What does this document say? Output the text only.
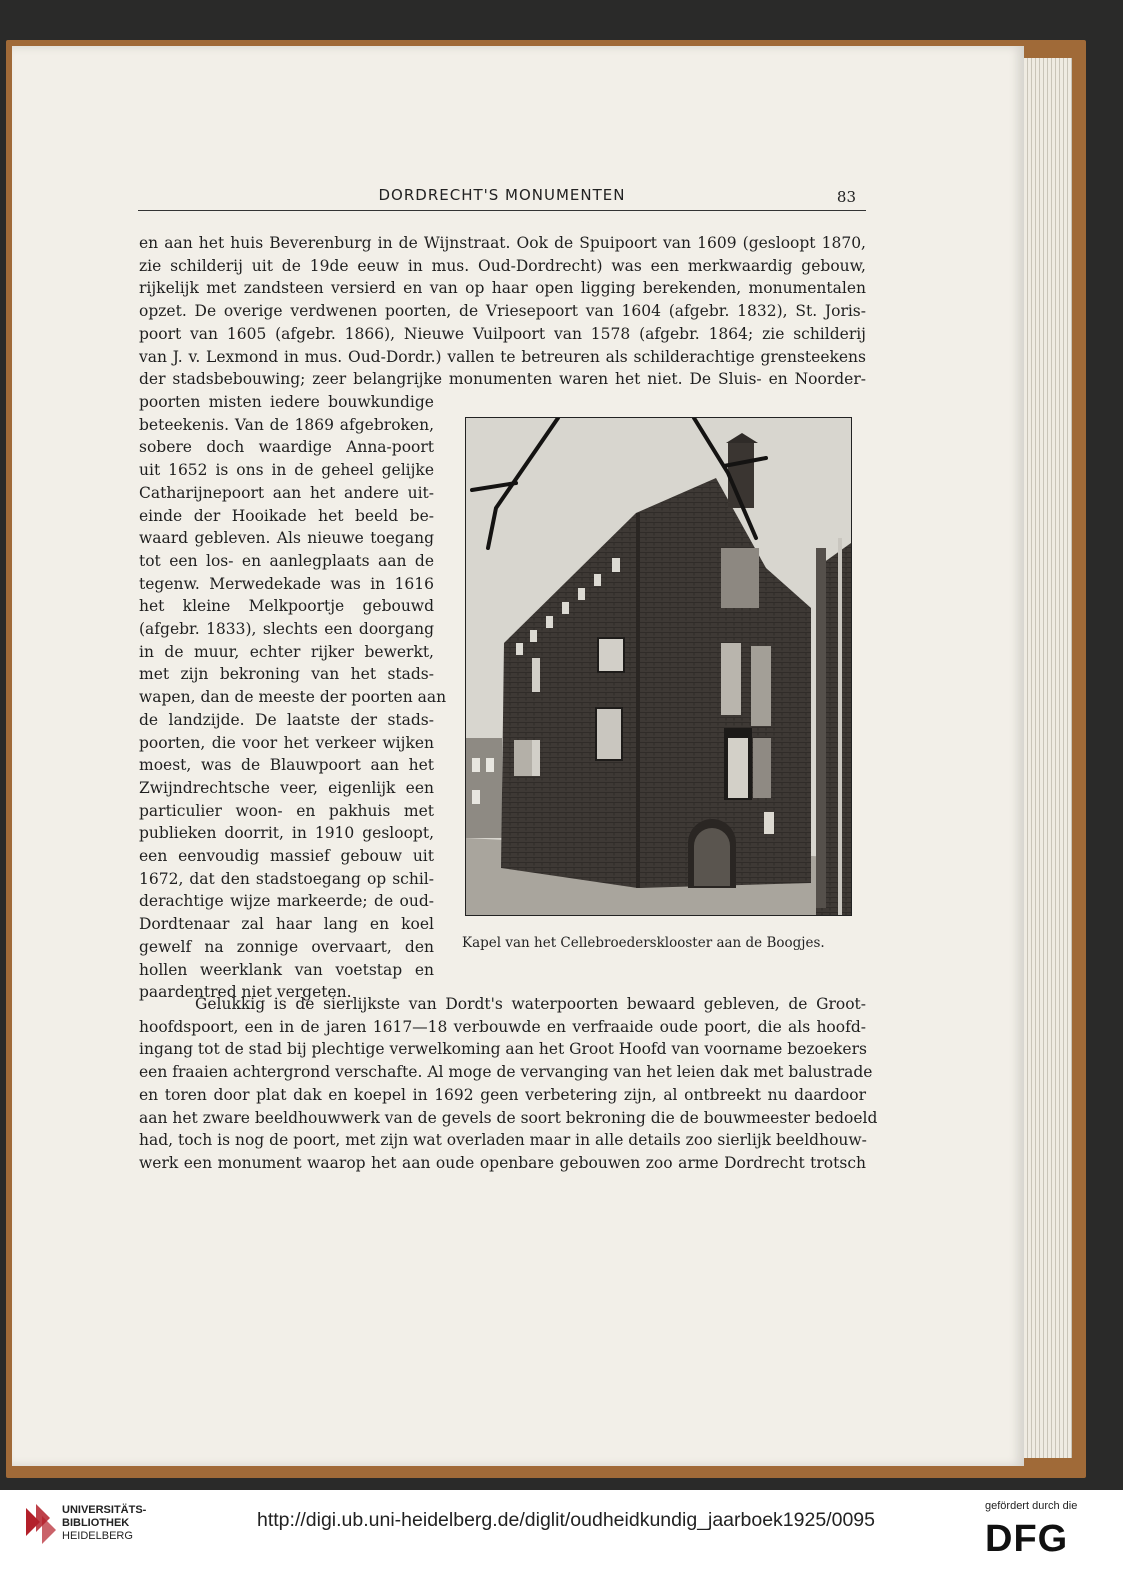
DORDRECHT'S MONUMENTEN	83
en aan het huis Beverenburg in de Wijnstraat. Ook de Spuipoort van 1609 (gesloopt 1870,
zie schilderij uit de 19de eeuw in mus. Oud-Dordrecht) was een merkwaardig gebouw,
rijkelijk met zandsteen versierd en van op haar open ligging berekenden, monumentalen
opzet. De overige verdwenen poorten, de Vriesepoort van 1604 (afgebr. 1832), St. Joris-
poort van 1605 (afgebr. 1866), Nieuwe Vuilpoort van 1578 (afgebr. 1864; zie schilderij
van J. v. Lexmond in mus. Oud-Dordr.) vallen te betreuren als schilderachtige grensteekens
der stadsbebouwing; zeer belangrijke monumenten waren het niet. De Sluis- en Noorder-
poorten misten iedere bouwkundige
beteekenis. Van de 1869 afgebroken,
sobere doch waardige Anna-poort
uit 1652 is ons in de geheel gelijke
Catharijnepoort aan het andere uit-
einde der Hooikade het beeld be-
waard gebleven. Als nieuwe toegang
tot een los- en aanlegplaats aan de
tegenw. Merwedekade was in 1616
het kleine Melkpoortje gebouwd
(afgebr. 1833), slechts een doorgang
in de muur, echter rijker bewerkt,
met zijn bekroning van het stads-
wapen, dan de meeste der poorten aan
de landzijde. De laatste der stads-
poorten, die voor het verkeer wijken
moest, was de Blauwpoort aan het
Zwijndrechtsche veer, eigenlijk een
particulier woon- en pakhuis met
publieken doorrit, in 1910 gesloopt,
een eenvoudig massief gebouw uit
1672, dat den stadstoegang op schil-
derachtige wijze markeerde; de oud-
Dordtenaar zal haar lang en koel
gewelf na zonnige overvaart, den
hollen weerklank van voetstap en
paardentred niet vergeten.
Kapel van het Cellebroedersklooster aan de Boogjes.
Gelukkig is de sierlijkste van Dordt's waterpoorten bewaard gebleven, de Groot-
hoofdspoort, een in de jaren 1617—18 verbouwde en verfraaide oude poort, die als hoofd-
ingang tot de stad bij plechtige verwelkoming aan het Groot Hoofd van voorname bezoekers
een fraaien achtergrond verschafte. Al moge de vervanging van het leien dak met balustrade
en toren door plat dak en koepel in 1692 geen verbetering zijn, al ontbreekt nu daardoor
aan het zware beeldhouwwerk van de gevels de soort bekroning die de bouwmeester bedoeld
had, toch is nog de poort, met zijn wat overladen maar in alle details zoo sierlijk beeldhouw-
werk een monument waarop het aan oude openbare gebouwen zoo arme Dordrecht trotsch
UNIVERSITÄTS-
BIBLIOTHEK
HEIDELBERG
http://digi.ub.uni-heidelberg.de/diglit/oudheidkundig_jaarboek1925/0095
gefördert durch die
DFG
